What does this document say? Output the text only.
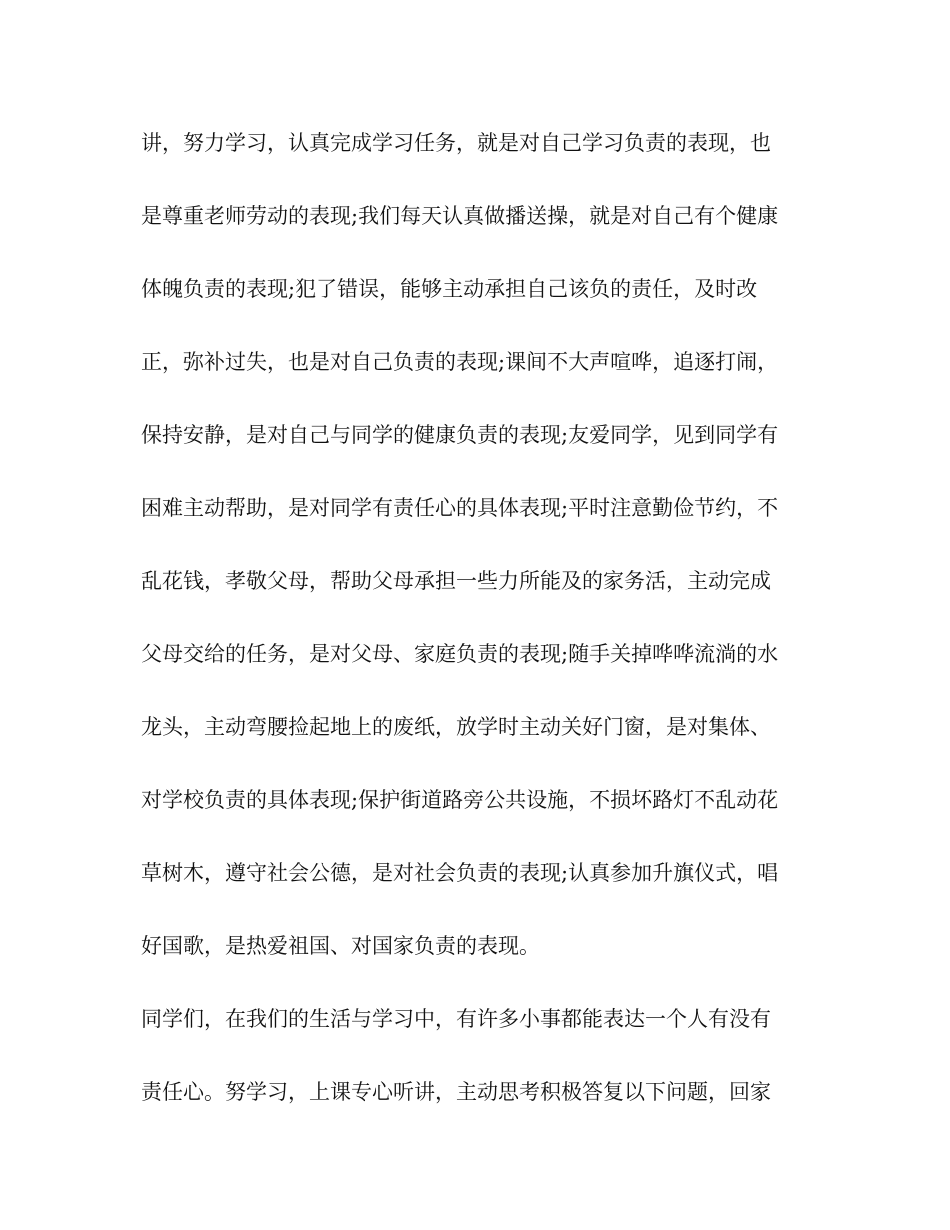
讲，努力学习，认真完成学习任务，就是对自己学习负责的表现，也
是尊重老师劳动的表现;我们每天认真做播送操，就是对自己有个健康
体魄负责的表现;犯了错误，能够主动承担自己该负的责任，及时改
正，弥补过失，也是对自己负责的表现;课间不大声喧哗，追逐打闹，
保持安静，是对自己与同学的健康负责的表现;友爱同学，见到同学有
困难主动帮助，是对同学有责任心的具体表现;平时注意勤俭节约，不
乱花钱，孝敬父母，帮助父母承担一些力所能及的家务活，主动完成
父母交给的任务，是对父母、家庭负责的表现;随手关掉哗哗流淌的水
龙头，主动弯腰捡起地上的废纸，放学时主动关好门窗，是对集体、
对学校负责的具体表现;保护街道路旁公共设施，不损坏路灯不乱动花
草树木，遵守社会公德，是对社会负责的表现;认真参加升旗仪式，唱
好国歌，是热爱祖国、对国家负责的表现。
同学们，在我们的生活与学习中，有许多小事都能表达一个人有没有
责任心。努学习，上课专心听讲，主动思考积极答复以下问题，回家
